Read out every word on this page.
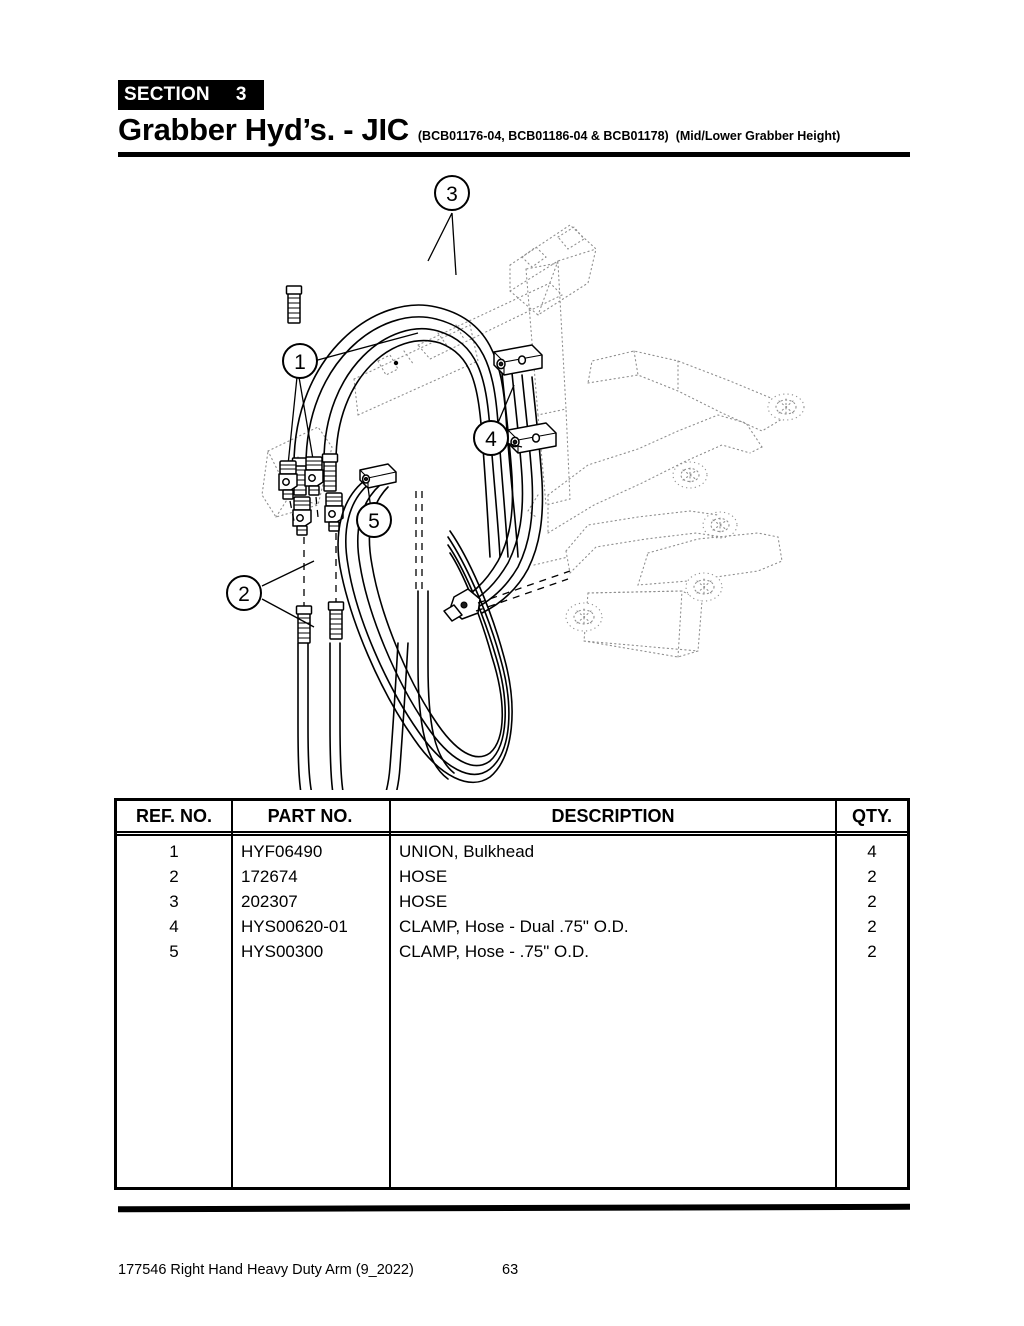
SECTION 3
Grabber Hyd’s. - JIC (BCB01176-04, BCB01186-04 & BCB01178) (Mid/Lower Grabber Height)
3
1
4
5
2
REF. NO.	PART NO.	DESCRIPTION	QTY.
1	HYF06490	UNION, Bulkhead	4
2	172674	HOSE	2
3	202307	HOSE	2
4	HYS00620-01	CLAMP, Hose - Dual .75" O.D.	2
5	HYS00300	CLAMP, Hose - .75" O.D.	2
177546 Right Hand Heavy Duty Arm (9_2022)	63
